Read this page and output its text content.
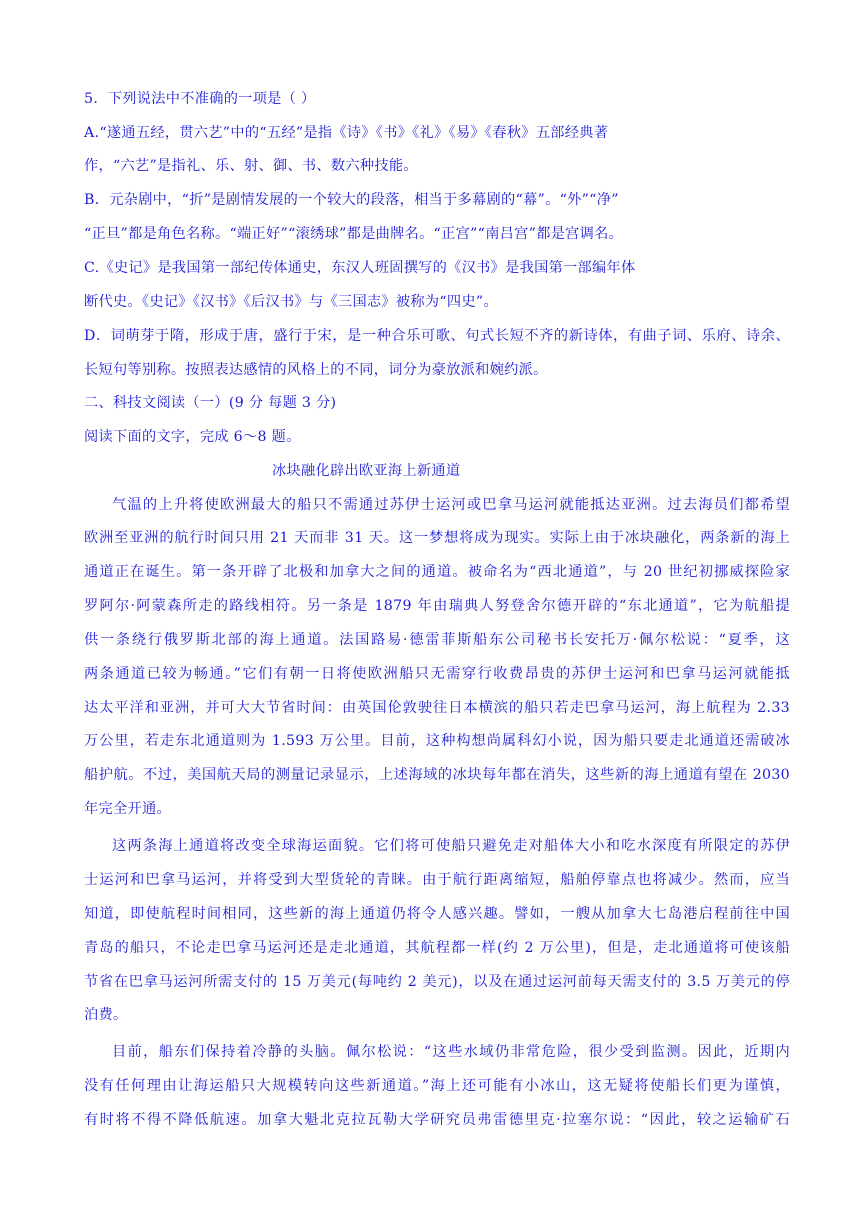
5．下列说法中不准确的一项是（ ）
A.“遂通五经，贯六艺”中的“五经”是指《诗》《书》《礼》《易》《春秋》五部经典著
作，“六艺”是指礼、乐、射、御、书、数六种技能。
B．元杂剧中，“折”是剧情发展的一个较大的段落，相当于多幕剧的“幕”。“外”“净”
“正旦”都是角色名称。“端正好”“滚绣球”都是曲牌名。“正宫”“南吕宫”都是宫调名。
C.《史记》是我国第一部纪传体通史，东汉人班固撰写的《汉书》是我国第一部编年体
断代史。《史记》《汉书》《后汉书》与《三国志》被称为“四史”。
D．词萌芽于隋，形成于唐，盛行于宋，是一种合乐可歌、句式长短不齐的新诗体，有曲子词、乐府、诗余、
长短句等别称。按照表达感情的风格上的不同，词分为豪放派和婉约派。
二、科技文阅读（一）(9 分 每题 3 分)
阅读下面的文字，完成 6～8 题。
冰块融化辟出欧亚海上新通道
气温的上升将使欧洲最大的船只不需通过苏伊士运河或巴拿马运河就能抵达亚洲。过去海员们都希望
欧洲至亚洲的航行时间只用 21 天而非 31 天。这一梦想将成为现实。实际上由于冰块融化，两条新的海上
通道正在诞生。第一条开辟了北极和加拿大之间的通道。被命名为“西北通道”，与 20 世纪初挪威探险家
罗阿尔·阿蒙森所走的路线相符。另一条是 1879 年由瑞典人努登舍尔德开辟的“东北通道”，它为航船提
供一条绕行俄罗斯北部的海上通道。法国路易·德雷菲斯船东公司秘书长安托万·佩尔松说：“夏季，这
两条通道已较为畅通。”它们有朝一日将使欧洲船只无需穿行收费昂贵的苏伊士运河和巴拿马运河就能抵
达太平洋和亚洲，并可大大节省时间：由英国伦敦驶往日本横滨的船只若走巴拿马运河，海上航程为 2.33
万公里，若走东北通道则为 1.593 万公里。目前，这种构想尚属科幻小说，因为船只要走北通道还需破冰
船护航。不过，美国航天局的测量记录显示，上述海域的冰块每年都在消失，这些新的海上通道有望在 2030
年完全开通。
这两条海上通道将改变全球海运面貌。它们将可使船只避免走对船体大小和吃水深度有所限定的苏伊
士运河和巴拿马运河，并将受到大型货轮的青睐。由于航行距离缩短，船舶停靠点也将减少。然而，应当
知道，即使航程时间相同，这些新的海上通道仍将令人感兴趣。譬如，一艘从加拿大七岛港启程前往中国
青岛的船只，不论走巴拿马运河还是走北通道，其航程都一样(约 2 万公里)，但是，走北通道将可使该船
节省在巴拿马运河所需支付的 15 万美元(每吨约 2 美元)，以及在通过运河前每天需支付的 3.5 万美元的停
泊费。
目前，船东们保持着冷静的头脑。佩尔松说：“这些水域仍非常危险，很少受到监测。因此，近期内
没有任何理由让海运船只大规模转向这些新通道。”海上还可能有小冰山，这无疑将使船长们更为谨慎，
有时将不得不降低航速。加拿大魁北克拉瓦勒大学研究员弗雷德里克·拉塞尔说：“因此，较之运输矿石
